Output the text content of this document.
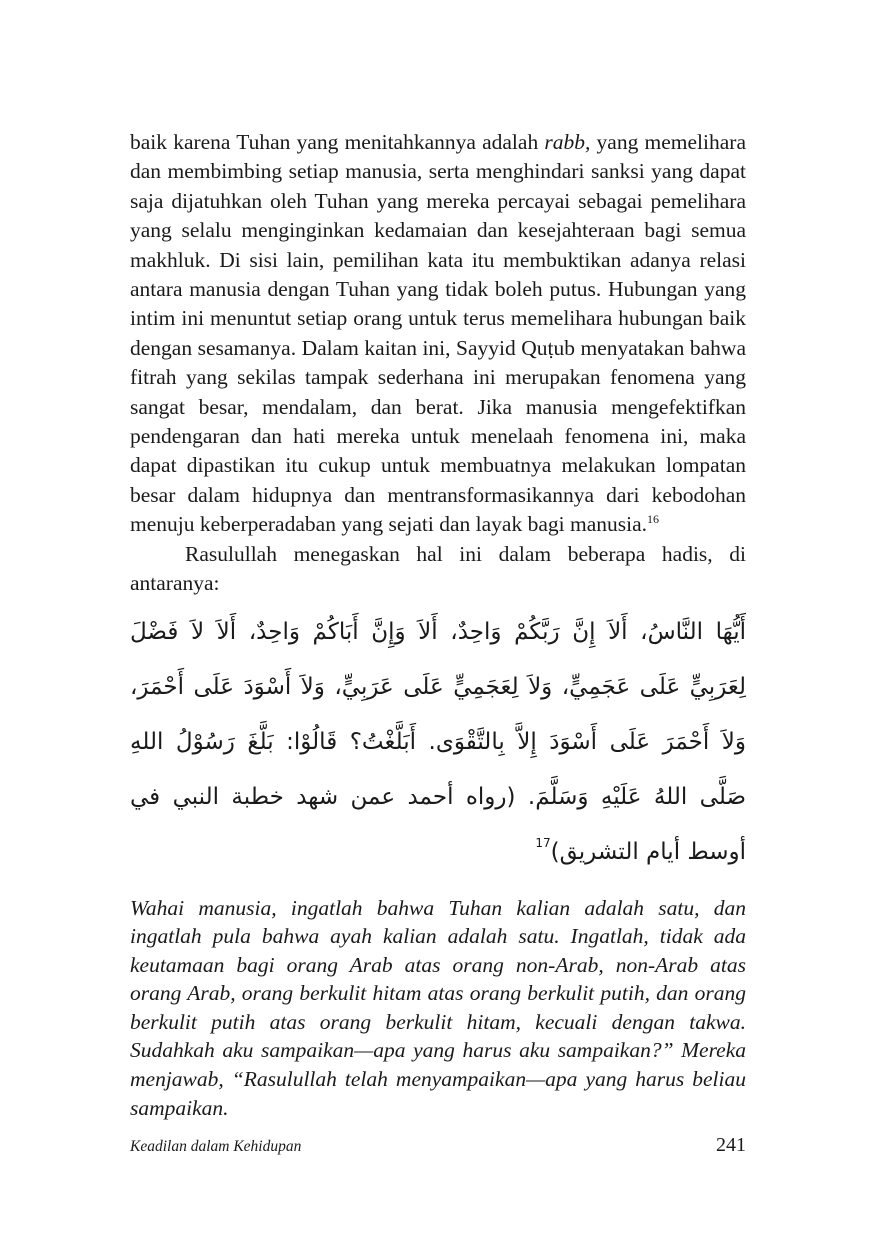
baik karena Tuhan yang menitahkannya adalah rabb, yang memelihara dan membimbing setiap manusia, serta menghindari sanksi yang dapat saja dijatuhkan oleh Tuhan yang mereka percayai sebagai pemelihara yang selalu menginginkan kedamaian dan kesejahteraan bagi semua makhluk. Di sisi lain, pemilihan kata itu membuktikan adanya relasi antara manusia dengan Tuhan yang tidak boleh putus. Hubungan yang intim ini menuntut setiap orang untuk terus memelihara hubungan baik dengan sesamanya. Dalam kaitan ini, Sayyid Quṭub menyatakan bahwa fitrah yang sekilas tampak sederhana ini merupakan fenomena yang sangat besar, mendalam, dan berat. Jika manusia mengefektifkan pendengaran dan hati mereka untuk menelaah fenomena ini, maka dapat dipastikan itu cukup untuk membuatnya melakukan lompatan besar dalam hidupnya dan mentransformasikannya dari kebodohan menuju keberperadaban yang sejati dan layak bagi manusia.$^{16}$

Rasulullah menegaskan hal ini dalam beberapa hadis, di antaranya:

أَيُّهَا النَّاسُ، أَلاَ إِنَّ رَبَّكُمْ وَاحِدٌ، أَلاَ وَإِنَّ أَبَاكُمْ وَاحِدٌ، أَلاَ لاَ فَضْلَ لِعَرَبِيٍّ عَلَى عَجَمِيٍّ، وَلاَ لِعَجَمِيٍّ عَلَى عَرَبِيٍّ، وَلاَ أَسْوَدَ عَلَى أَحْمَرَ، وَلاَ أَحْمَرَ عَلَى أَسْوَدَ إِلاَّ بِالتَّقْوَى. أَبَلَّغْتُ؟ قَالُوْا: بَلَّغَ رَسُوْلُ اللهِ صَلَّى اللهُ عَلَيْهِ وَسَلَّمَ. (رواه أحمد عمن شهد خطبة النبي في أوسط أيام التشريق)$^{17}$

Wahai manusia, ingatlah bahwa Tuhan kalian adalah satu, dan ingatlah pula bahwa ayah kalian adalah satu. Ingatlah, tidak ada keutamaan bagi orang Arab atas orang non-Arab, non-Arab atas orang Arab, orang berkulit hitam atas orang berkulit putih, dan orang berkulit putih atas orang berkulit hitam, kecuali dengan takwa. Sudahkah aku sampaikan—apa yang harus aku sampaikan?” Mereka menjawab, “Rasulullah telah menyampaikan—apa yang harus beliau sampaikan.

Keadilan dalam Kehidupan	241
